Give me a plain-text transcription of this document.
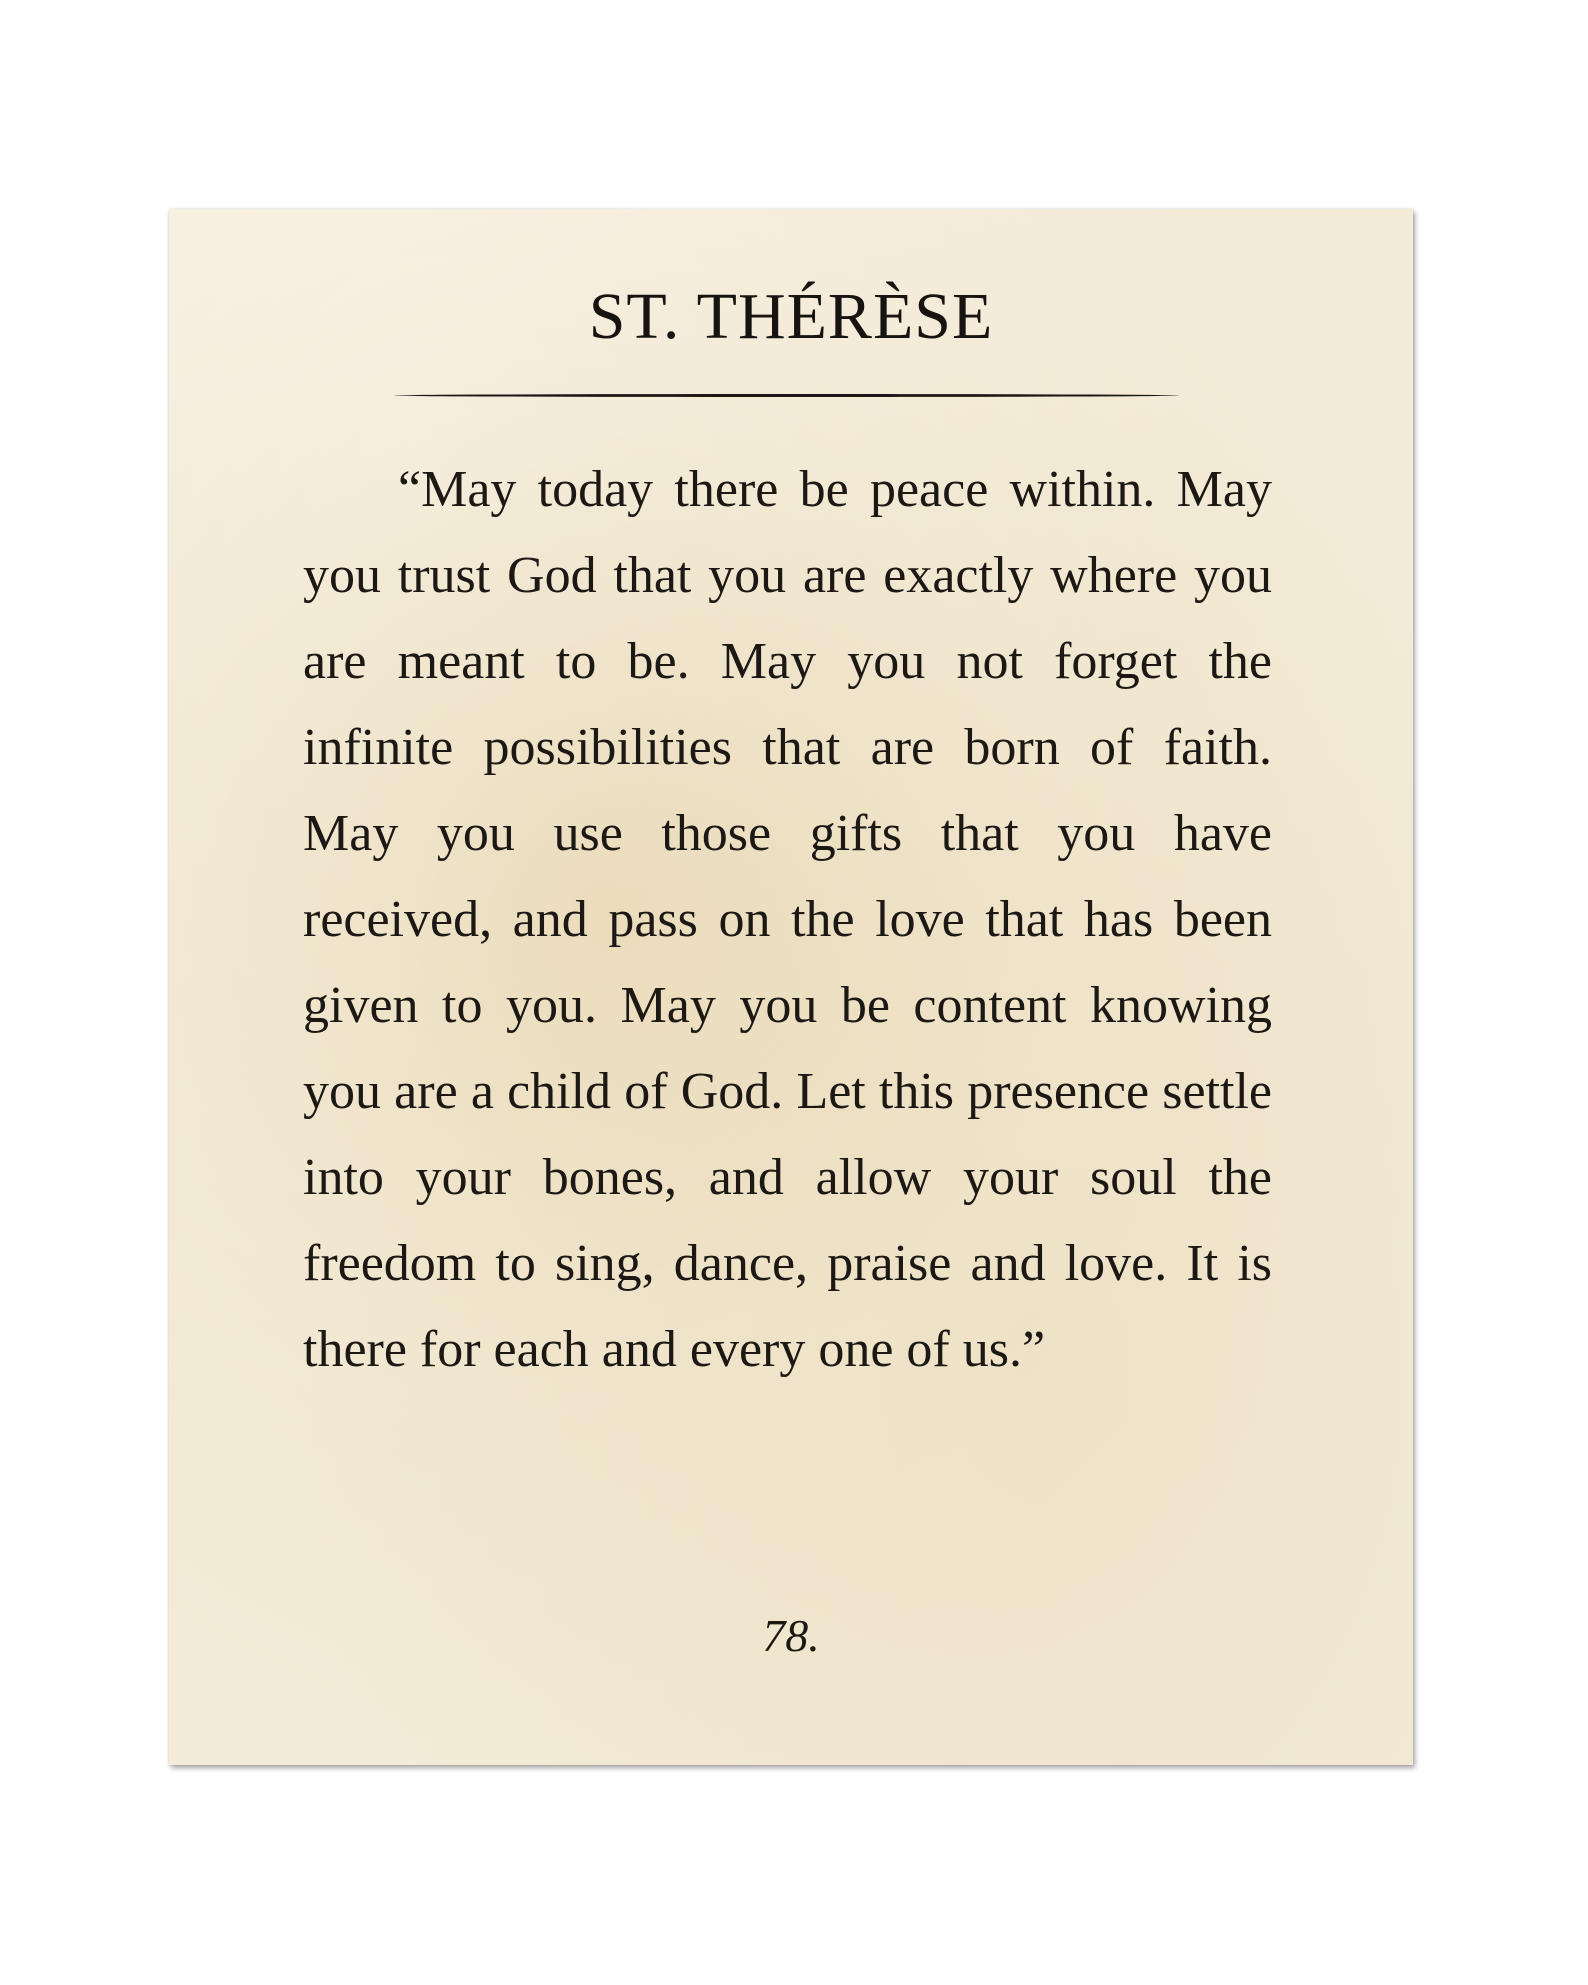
ST. THÉRÈSE

“May today there be peace within. May you trust God that you are exactly where you are meant to be. May you not forget the infinite possibilities that are born of faith. May you use those gifts that you have received, and pass on the love that has been given to you. May you be content knowing you are a child of God. Let this presence settle into your bones, and allow your soul the freedom to sing, dance, praise and love. It is there for each and every one of us.”

78.
